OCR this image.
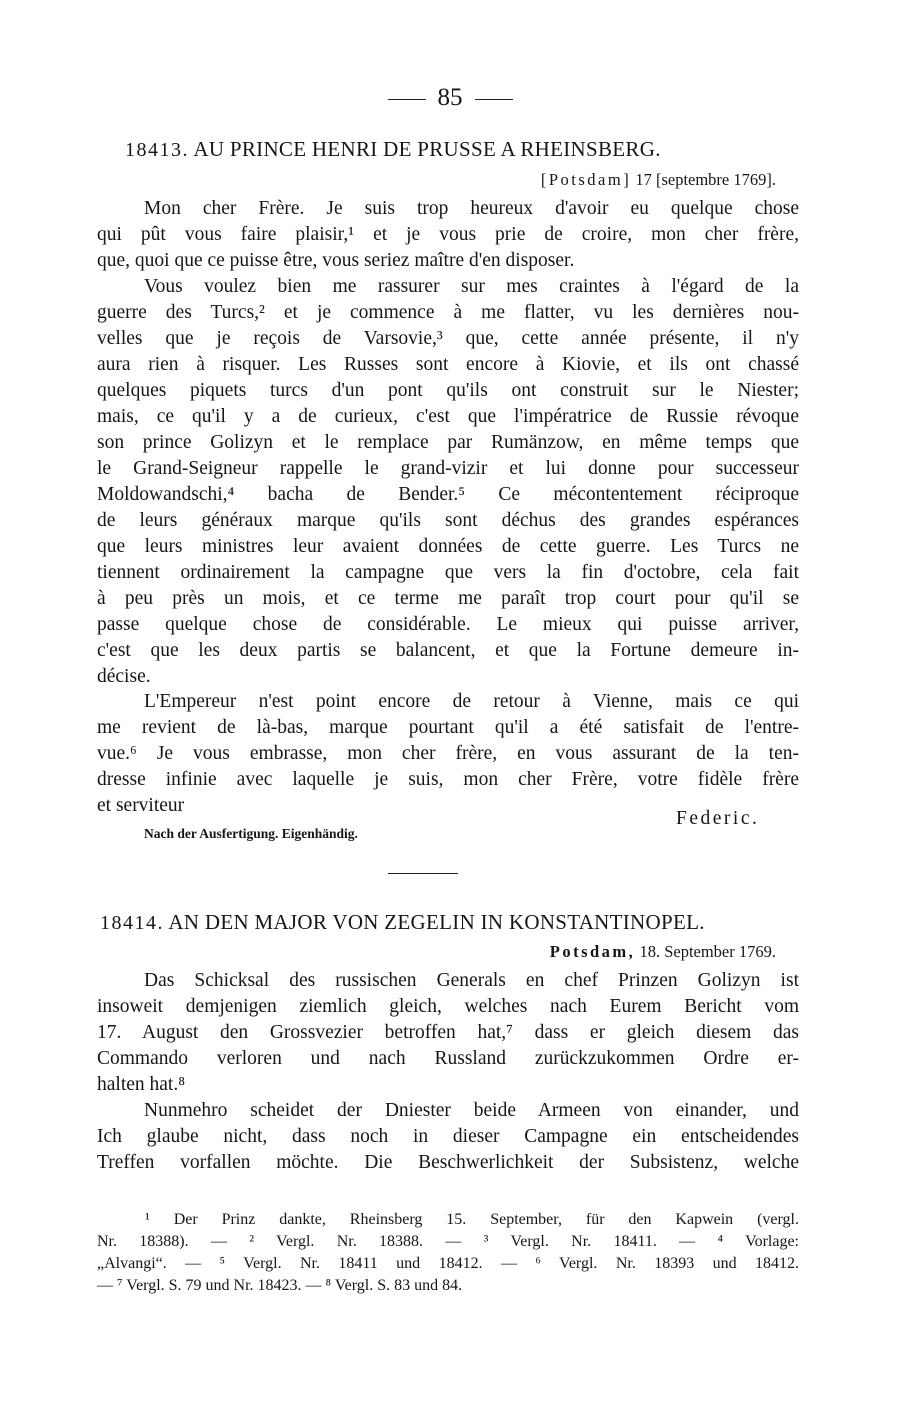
85
18413. AU PRINCE HENRI DE PRUSSE A RHEINSBERG.
[Potsdam] 17 [septembre 1769].
Mon cher Frère. Je suis trop heureux d'avoir eu quelque chose
qui pût vous faire plaisir,¹ et je vous prie de croire, mon cher frère,
que, quoi que ce puisse être, vous seriez maître d'en disposer.
Vous voulez bien me rassurer sur mes craintes à l'égard de la
guerre des Turcs,² et je commence à me flatter, vu les dernières nou-
velles que je reçois de Varsovie,³ que, cette année présente, il n'y
aura rien à risquer. Les Russes sont encore à Kiovie, et ils ont chassé
quelques piquets turcs d'un pont qu'ils ont construit sur le Niester;
mais, ce qu'il y a de curieux, c'est que l'impératrice de Russie révoque
son prince Golizyn et le remplace par Rumänzow, en même temps que
le Grand-Seigneur rappelle le grand-vizir et lui donne pour successeur
Moldowandschi,⁴ bacha de Bender.⁵ Ce mécontentement réciproque
de leurs généraux marque qu'ils sont déchus des grandes espérances
que leurs ministres leur avaient données de cette guerre. Les Turcs ne
tiennent ordinairement la campagne que vers la fin d'octobre, cela fait
à peu près un mois, et ce terme me paraît trop court pour qu'il se
passe quelque chose de considérable. Le mieux qui puisse arriver,
c'est que les deux partis se balancent, et que la Fortune demeure in-
décise.
L'Empereur n'est point encore de retour à Vienne, mais ce qui
me revient de là-bas, marque pourtant qu'il a été satisfait de l'entre-
vue.⁶ Je vous embrasse, mon cher frère, en vous assurant de la ten-
dresse infinie avec laquelle je suis, mon cher Frère, votre fidèle frère
et serviteur
Federic.
Nach der Ausfertigung. Eigenhändig.
18414. AN DEN MAJOR VON ZEGELIN IN KONSTANTINOPEL.
Potsdam, 18. September 1769.
Das Schicksal des russischen Generals en chef Prinzen Golizyn ist
insoweit demjenigen ziemlich gleich, welches nach Eurem Bericht vom
17. August den Grossvezier betroffen hat,⁷ dass er gleich diesem das
Commando verloren und nach Russland zurückzukommen Ordre er-
halten hat.⁸
Nunmehro scheidet der Dniester beide Armeen von einander, und
Ich glaube nicht, dass noch in dieser Campagne ein entscheidendes
Treffen vorfallen möchte. Die Beschwerlichkeit der Subsistenz, welche
¹ Der Prinz dankte, Rheinsberg 15. September, für den Kapwein (vergl.
Nr. 18388). — ² Vergl. Nr. 18388. — ³ Vergl. Nr. 18411. — ⁴ Vorlage:
„Alvangi“. — ⁵ Vergl. Nr. 18411 und 18412. — ⁶ Vergl. Nr. 18393 und 18412.
— ⁷ Vergl. S. 79 und Nr. 18423. — ⁸ Vergl. S. 83 und 84.
